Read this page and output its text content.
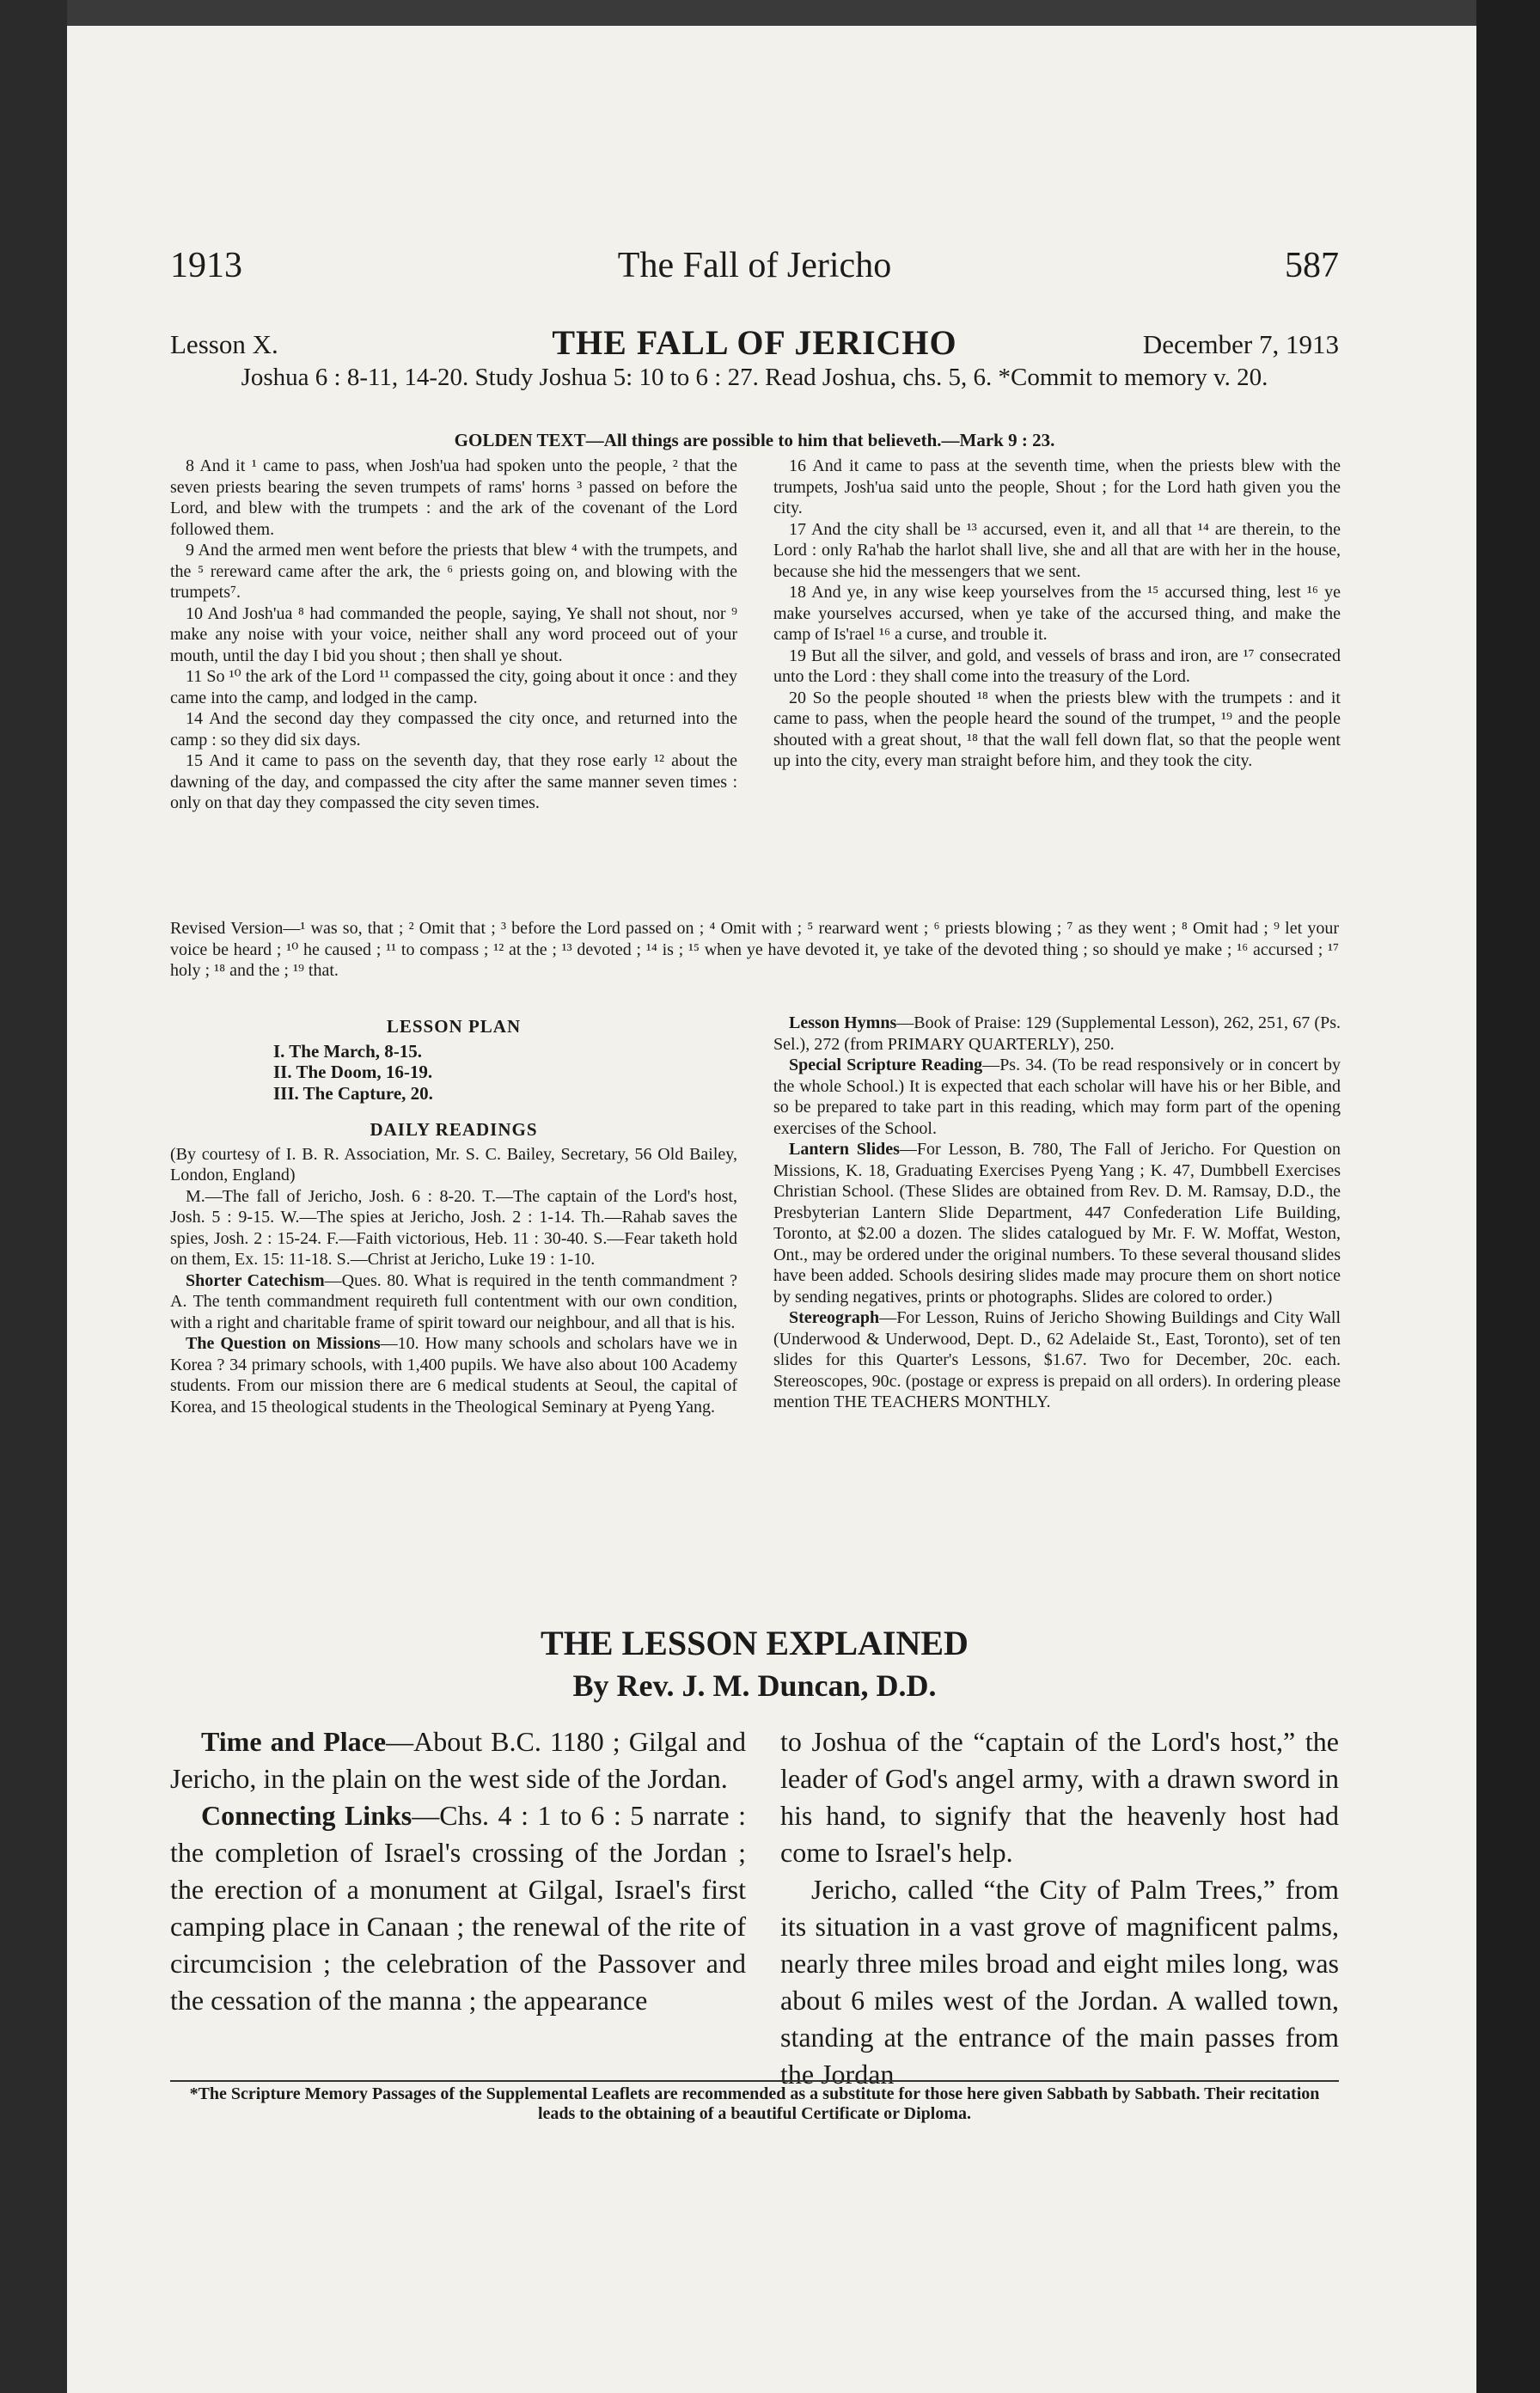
1913	The Fall of Jericho	587
Lesson X.	THE FALL OF JERICHO	December 7, 1913
Joshua 6 : 8-11, 14-20. Study Joshua 5: 10 to 6 : 27. Read Joshua, chs. 5, 6. *Commit to memory v. 20.
GOLDEN TEXT—All things are possible to him that believeth.—Mark 9 : 23.

8 And it ¹ came to pass, when Josh'ua had spoken unto the people, ² that the seven priests bearing the seven trumpets of rams' horns ³ passed on before the Lord, and blew with the trumpets : and the ark of the covenant of the Lord followed them.

9 And the armed men went before the priests that blew ⁴ with the trumpets, and the ⁵ rereward came after the ark, the ⁶ priests going on, and blowing with the trumpets⁷.

10 And Josh'ua ⁸ had commanded the people, saying, Ye shall not shout, nor ⁹ make any noise with your voice, neither shall any word proceed out of your mouth, until the day I bid you shout ; then shall ye shout.

11 So ¹⁰ the ark of the Lord ¹¹ compassed the city, going about it once : and they came into the camp, and lodged in the camp.

14 And the second day they compassed the city once, and returned into the camp : so they did six days.

15 And it came to pass on the seventh day, that they rose early ¹² about the dawning of the day, and compassed the city after the same manner seven times : only on that day they compassed the city seven times.

16 And it came to pass at the seventh time, when the priests blew with the trumpets, Josh'ua said unto the people, Shout ; for the Lord hath given you the city.

17 And the city shall be ¹³ accursed, even it, and all that ¹⁴ are therein, to the Lord : only Ra'hab the harlot shall live, she and all that are with her in the house, because she hid the messengers that we sent.

18 And ye, in any wise keep yourselves from the ¹⁵ accursed thing, lest ¹⁶ ye make yourselves accursed, when ye take of the accursed thing, and make the camp of Is'rael ¹⁶ a curse, and trouble it.

19 But all the silver, and gold, and vessels of brass and iron, are ¹⁷ consecrated unto the Lord : they shall come into the treasury of the Lord.

20 So the people shouted ¹⁸ when the priests blew with the trumpets : and it came to pass, when the people heard the sound of the trumpet, ¹⁹ and the people shouted with a great shout, ¹⁸ that the wall fell down flat, so that the people went up into the city, every man straight before him, and they took the city.

Revised Version—¹ was so, that ; ² Omit that ; ³ before the Lord passed on ; ⁴ Omit with ; ⁵ rearward went ; ⁶ priests blowing ; ⁷ as they went ; ⁸ Omit had ; ⁹ let your voice be heard ; ¹⁰ he caused ; ¹¹ to compass ; ¹² at the ; ¹³ devoted ; ¹⁴ is ; ¹⁵ when ye have devoted it, ye take of the devoted thing ; so should ye make ; ¹⁶ accursed ; ¹⁷ holy ; ¹⁸ and the ; ¹⁹ that.
LESSON PLAN
I. The March, 8-15.
II. The Doom, 16-19.
III. The Capture, 20.
DAILY READINGS

(By courtesy of I. B. R. Association, Mr. S. C. Bailey, Secretary, 56 Old Bailey, London, England)

M.—The fall of Jericho, Josh. 6 : 8-20. T.—The captain of the Lord's host, Josh. 5 : 9-15. W.—The spies at Jericho, Josh. 2 : 1-14. Th.—Rahab saves the spies, Josh. 2 : 15-24. F.—Faith victorious, Heb. 11 : 30-40. S.—Fear taketh hold on them, Ex. 15: 11-18. S.—Christ at Jericho, Luke 19 : 1-10.

Shorter Catechism—Ques. 80. What is required in the tenth commandment ? A. The tenth commandment requireth full contentment with our own condition, with a right and charitable frame of spirit toward our neighbour, and all that is his.

The Question on Missions—10. How many schools and scholars have we in Korea ? 34 primary schools, with 1,400 pupils. We have also about 100 Academy students. From our mission there are 6 medical students at Seoul, the capital of Korea, and 15 theological students in the Theological Seminary at Pyeng Yang.

Lesson Hymns—Book of Praise: 129 (Supplemental Lesson), 262, 251, 67 (Ps. Sel.), 272 (from PRIMARY QUARTERLY), 250.

Special Scripture Reading—Ps. 34. (To be read responsively or in concert by the whole School.) It is expected that each scholar will have his or her Bible, and so be prepared to take part in this reading, which may form part of the opening exercises of the School.

Lantern Slides—For Lesson, B. 780, The Fall of Jericho. For Question on Missions, K. 18, Graduating Exercises Pyeng Yang ; K. 47, Dumbbell Exercises Christian School. (These Slides are obtained from Rev. D. M. Ramsay, D.D., the Presbyterian Lantern Slide Department, 447 Confederation Life Building, Toronto, at $2.00 a dozen. The slides catalogued by Mr. F. W. Moffat, Weston, Ont., may be ordered under the original numbers. To these several thousand slides have been added. Schools desiring slides made may procure them on short notice by sending negatives, prints or photographs. Slides are colored to order.)

Stereograph—For Lesson, Ruins of Jericho Showing Buildings and City Wall (Underwood & Underwood, Dept. D., 62 Adelaide St., East, Toronto), set of ten slides for this Quarter's Lessons, $1.67. Two for December, 20c. each. Stereoscopes, 90c. (postage or express is prepaid on all orders). In ordering please mention THE TEACHERS MONTHLY.

THE LESSON EXPLAINED
By Rev. J. M. Duncan, D.D.

Time and Place—About B.C. 1180 ; Gilgal and Jericho, in the plain on the west side of the Jordan.

Connecting Links—Chs. 4 : 1 to 6 : 5 narrate : the completion of Israel's crossing of the Jordan ; the erection of a monument at Gilgal, Israel's first camping place in Canaan ; the renewal of the rite of circumcision ; the celebration of the Passover and the cessation of the manna ; the appearance

to Joshua of the “captain of the Lord's host,” the leader of God's angel army, with a drawn sword in his hand, to signify that the heavenly host had come to Israel's help.

Jericho, called “the City of Palm Trees,” from its situation in a vast grove of magnificent palms, nearly three miles broad and eight miles long, was about 6 miles west of the Jordan. A walled town, standing at the entrance of the main passes from the Jordan

*The Scripture Memory Passages of the Supplemental Leaflets are recommended as a substitute for those here given Sabbath by Sabbath. Their recitation leads to the obtaining of a beautiful Certificate or Diploma.
